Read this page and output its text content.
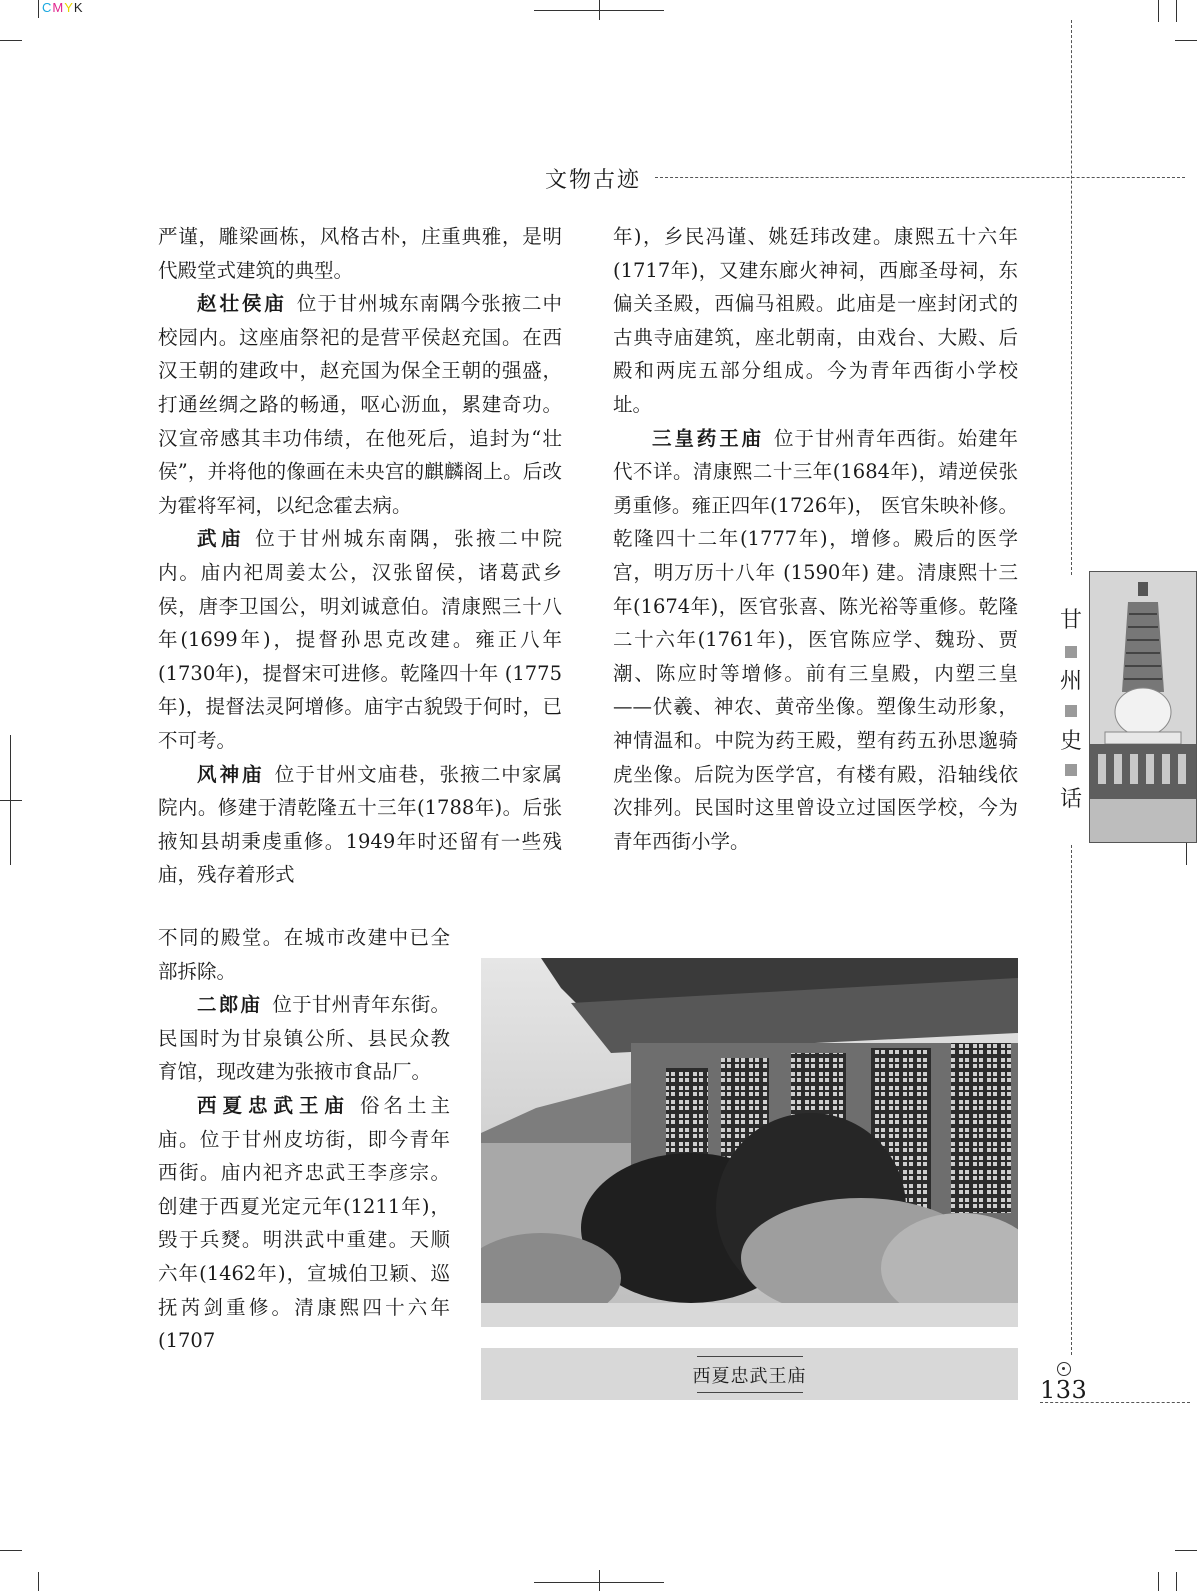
CMYK
文物古迹

严谨，雕梁画栋，风格古朴，庄重典雅，是明代殿堂式建筑的典型。

赵壮侯庙 位于甘州城东南隅今张掖二中校园内。这座庙祭祀的是营平侯赵充国。在西汉王朝的建政中，赵充国为保全王朝的强盛，打通丝绸之路的畅通，呕心沥血，累建奇功。汉宣帝感其丰功伟绩，在他死后，追封为“壮侯”，并将他的像画在未央宫的麒麟阁上。后改为霍将军祠，以纪念霍去病。

武庙 位于甘州城东南隅，张掖二中院内。庙内祀周姜太公，汉张留侯，诸葛武乡侯，唐李卫国公，明刘诚意伯。清康熙三十八年(1699年)，提督孙思克改建。雍正八年(1730年)，提督宋可进修。乾隆四十年 (1775年)，提督法灵阿增修。庙宇古貌毁于何时，已不可考。

风神庙 位于甘州文庙巷，张掖二中家属院内。修建于清乾隆五十三年(1788年)。后张掖知县胡秉虔重修。1949年时还留有一些残庙，残存着形式

不同的殿堂。在城市改建中已全部拆除。

二郎庙 位于甘州青年东街。民国时为甘泉镇公所、县民众教育馆，现改建为张掖市食品厂。

西夏忠武王庙 俗名土主庙。位于甘州皮坊街，即今青年西街。庙内祀齐忠武王李彦宗。创建于西夏光定元年(1211年)，毁于兵燹。明洪武中重建。天顺六年(1462年)，宣城伯卫颖、巡抚芮剑重修。清康熙四十六年(1707

年)，乡民冯谨、姚廷玮改建。康熙五十六年(1717年)，又建东廊火神祠，西廊圣母祠，东偏关圣殿，西偏马祖殿。此庙是一座封闭式的古典寺庙建筑，座北朝南，由戏台、大殿、后殿和两庑五部分组成。今为青年西街小学校址。

三皇药王庙 位于甘州青年西街。始建年代不详。清康熙二十三年(1684年)，靖逆侯张勇重修。雍正四年(1726年)， 医官朱映补修。乾隆四十二年(1777年)，增修。殿后的医学宫，明万历十八年 (1590年) 建。清康熙十三年(1674年)，医官张喜、陈光裕等重修。乾隆二十六年(1761年)，医官陈应学、魏玢、贾潮、陈应时等增修。前有三皇殿，内塑三皇——伏羲、神农、黄帝坐像。塑像生动形象，神情温和。中院为药王殿，塑有药五孙思邈骑虎坐像。后院为医学宫，有楼有殿，沿轴线依次排列。民国时这里曾设立过国医学校，今为青年西街小学。

西夏忠武王庙
甘
州
史
话
133
